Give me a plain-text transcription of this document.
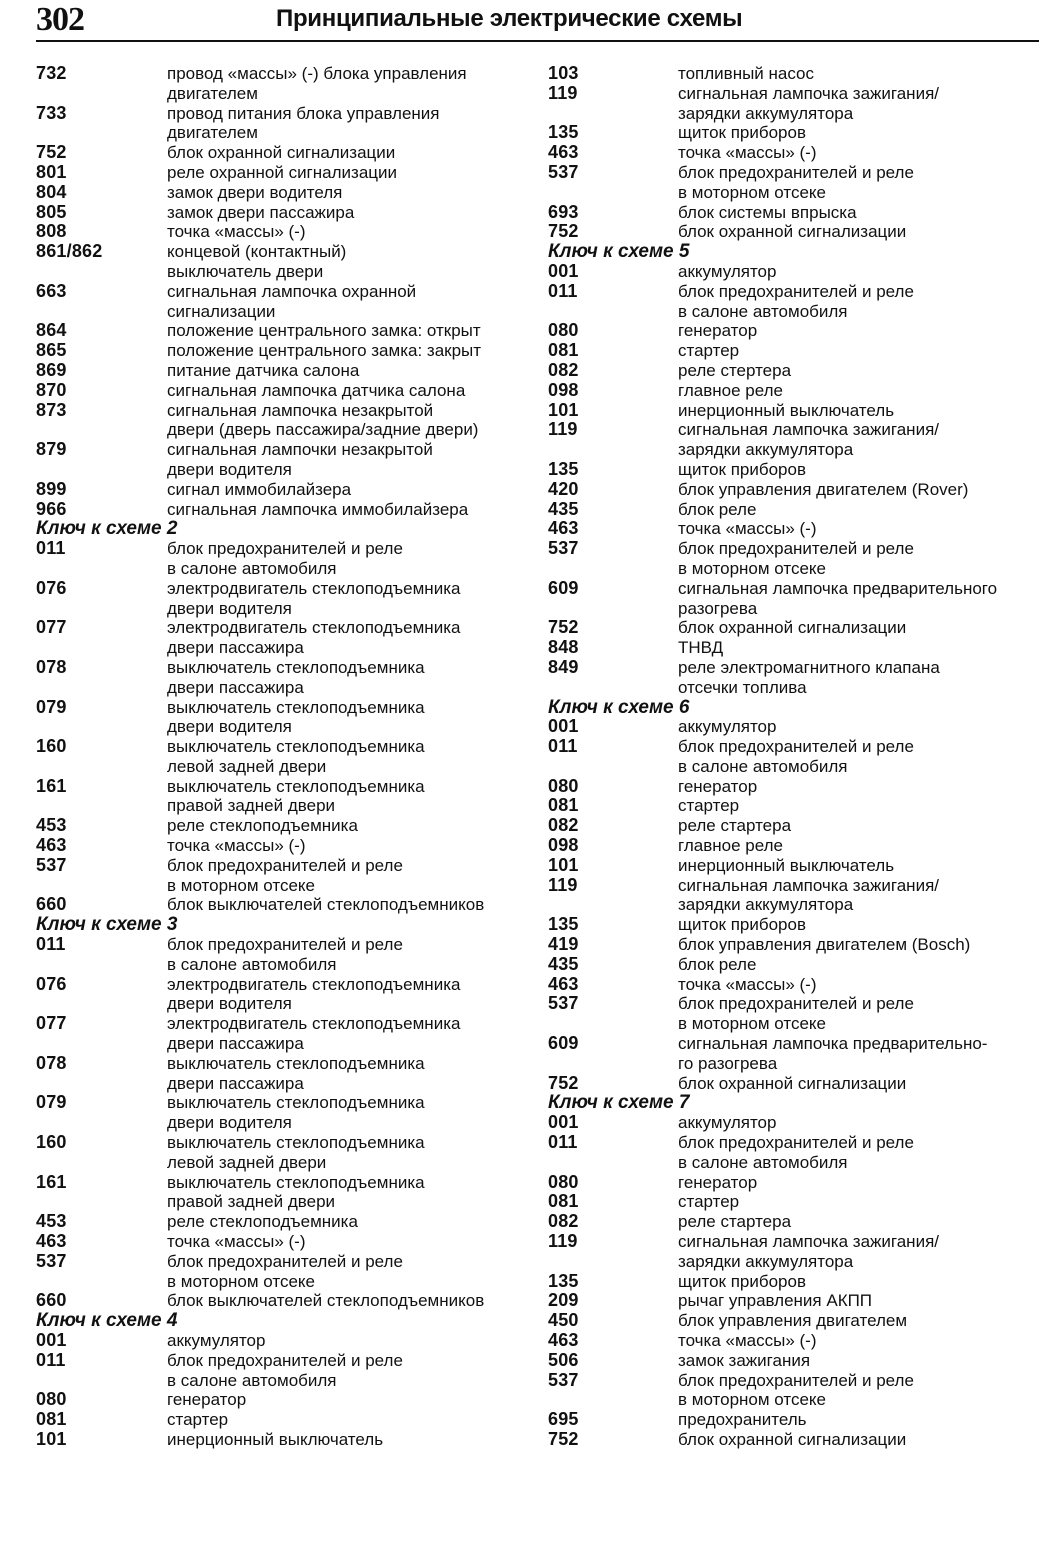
302	Принципиальные электрические схемы
732	провод «массы» (-) блока управления
двигателем
733	провод питания блока управления
двигателем
752	блок охранной сигнализации
801	реле охранной сигнализации
804	замок двери водителя
805	замок двери пассажира
808	точка «массы» (-)
861/862	концевой (контактный)
выключатель двери
663	сигнальная лампочка охранной
сигнализации
864	положение центрального замка: открыт
865	положение центрального замка: закрыт
869	питание датчика салона
870	сигнальная лампочка датчика салона
873	сигнальная лампочка незакрытой
двери (дверь пассажира/задние двери)
879	сигнальная лампочки незакрытой
двери водителя
899	сигнал иммобилайзера
966	сигнальная лампочка иммобилайзера
Ключ к схеме 2
011	блок предохранителей и реле
в салоне автомобиля
076	электродвигатель стеклоподъемника
двери водителя
077	электродвигатель стеклоподъемника
двери пассажира
078	выключатель стеклоподъемника
двери пассажира
079	выключатель стеклоподъемника
двери водителя
160	выключатель стеклоподъемника
левой задней двери
161	выключатель стеклоподъемника
правой задней двери
453	реле стеклоподъемника
463	точка «массы» (-)
537	блок предохранителей и реле
в моторном отсеке
660	блок выключателей стеклоподъемников
Ключ к схеме 3
011	блок предохранителей и реле
в салоне автомобиля
076	электродвигатель стеклоподъемника
двери водителя
077	электродвигатель стеклоподъемника
двери пассажира
078	выключатель стеклоподъемника
двери пассажира
079	выключатель стеклоподъемника
двери водителя
160	выключатель стеклоподъемника
левой задней двери
161	выключатель стеклоподъемника
правой задней двери
453	реле стеклоподъемника
463	точка «массы» (-)
537	блок предохранителей и реле
в моторном отсеке
660	блок выключателей стеклоподъемников
Ключ к схеме 4
001	аккумулятор
011	блок предохранителей и реле
в салоне автомобиля
080	генератор
081	стартер
101	инерционный выключатель
103	топливный насос
119	сигнальная лампочка зажигания/
зарядки аккумулятора
135	щиток приборов
463	точка «массы» (-)
537	блок предохранителей и реле
в моторном отсеке
693	блок системы впрыска
752	блок охранной сигнализации
Ключ к схеме 5
001	аккумулятор
011	блок предохранителей и реле
в салоне автомобиля
080	генератор
081	стартер
082	реле стертера
098	главное реле
101	инерционный выключатель
119	сигнальная лампочка зажигания/
зарядки аккумулятора
135	щиток приборов
420	блок управления двигателем (Rover)
435	блок реле
463	точка «массы» (-)
537	блок предохранителей и реле
в моторном отсеке
609	сигнальная лампочка предварительного
разогрева
752	блок охранной сигнализации
848	ТНВД
849	реле электромагнитного клапана
отсечки топлива
Ключ к схеме 6
001	аккумулятор
011	блок предохранителей и реле
в салоне автомобиля
080	генератор
081	стартер
082	реле стартера
098	главное реле
101	инерционный выключатель
119	сигнальная лампочка зажигания/
зарядки аккумулятора
135	щиток приборов
419	блок управления двигателем (Bosch)
435	блок реле
463	точка «массы» (-)
537	блок предохранителей и реле
в моторном отсеке
609	сигнальная лампочка предварительно-
го разогрева
752	блок охранной сигнализации
Ключ к схеме 7
001	аккумулятор
011	блок предохранителей и реле
в салоне автомобиля
080	генератор
081	стартер
082	реле стартера
119	сигнальная лампочка зажигания/
зарядки аккумулятора
135	щиток приборов
209	рычаг управления АКПП
450	блок управления двигателем
463	точка «массы» (-)
506	замок зажигания
537	блок предохранителей и реле
в моторном отсеке
695	предохранитель
752	блок охранной сигнализации
